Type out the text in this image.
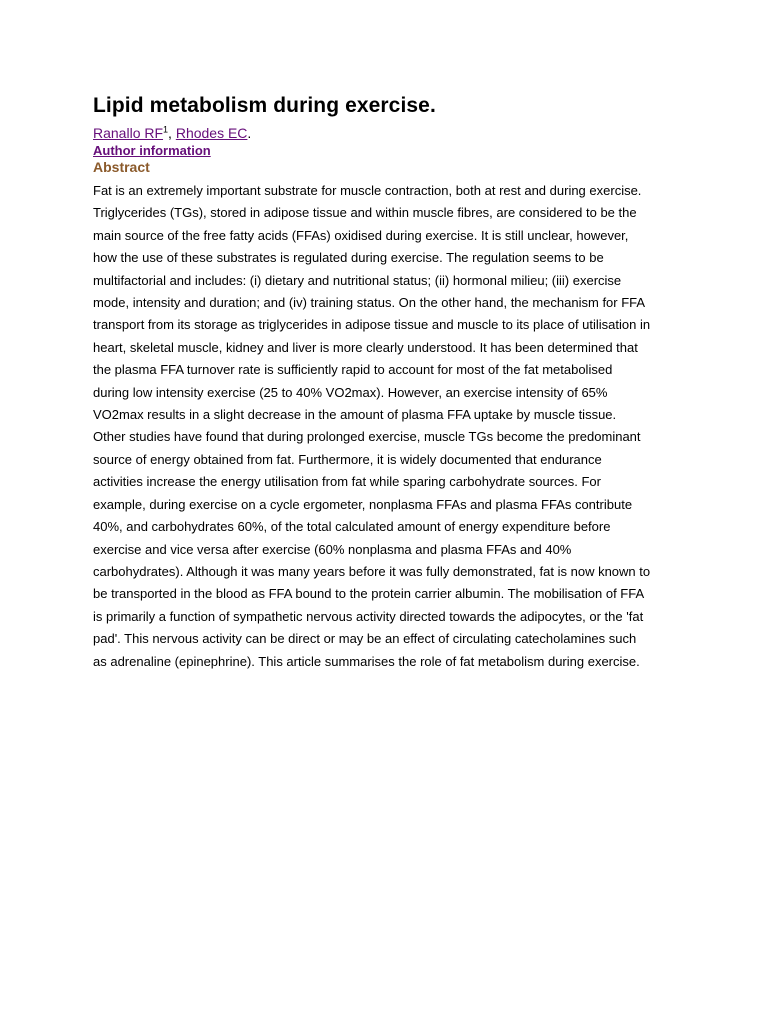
Lipid metabolism during exercise.
Ranallo $RF^1$, Rhodes EC.
Author information
Abstract
Fat is an extremely important substrate for muscle contraction, both at rest and during exercise.
Triglycerides (TGs), stored in adipose tissue and within muscle fibres, are considered to be the
main source of the free fatty acids (FFAs) oxidised during exercise. It is still unclear, however,
how the use of these substrates is regulated during exercise. The regulation seems to be
multifactorial and includes: (i) dietary and nutritional status; (ii) hormonal milieu; (iii) exercise
mode, intensity and duration; and (iv) training status. On the other hand, the mechanism for FFA
transport from its storage as triglycerides in adipose tissue and muscle to its place of utilisation in
heart, skeletal muscle, kidney and liver is more clearly understood. It has been determined that
the plasma FFA turnover rate is sufficiently rapid to account for most of the fat metabolised
during low intensity exercise (25 to 40% VO2max). However, an exercise intensity of 65%
VO2max results in a slight decrease in the amount of plasma FFA uptake by muscle tissue.
Other studies have found that during prolonged exercise, muscle TGs become the predominant
source of energy obtained from fat. Furthermore, it is widely documented that endurance
activities increase the energy utilisation from fat while sparing carbohydrate sources. For
example, during exercise on a cycle ergometer, nonplasma FFAs and plasma FFAs contribute
40%, and carbohydrates 60%, of the total calculated amount of energy expenditure before
exercise and vice versa after exercise (60% nonplasma and plasma FFAs and 40%
carbohydrates). Although it was many years before it was fully demonstrated, fat is now known to
be transported in the blood as FFA bound to the protein carrier albumin. The mobilisation of FFA
is primarily a function of sympathetic nervous activity directed towards the adipocytes, or the 'fat
pad'. This nervous activity can be direct or may be an effect of circulating catecholamines such
as adrenaline (epinephrine). This article summarises the role of fat metabolism during exercise.
